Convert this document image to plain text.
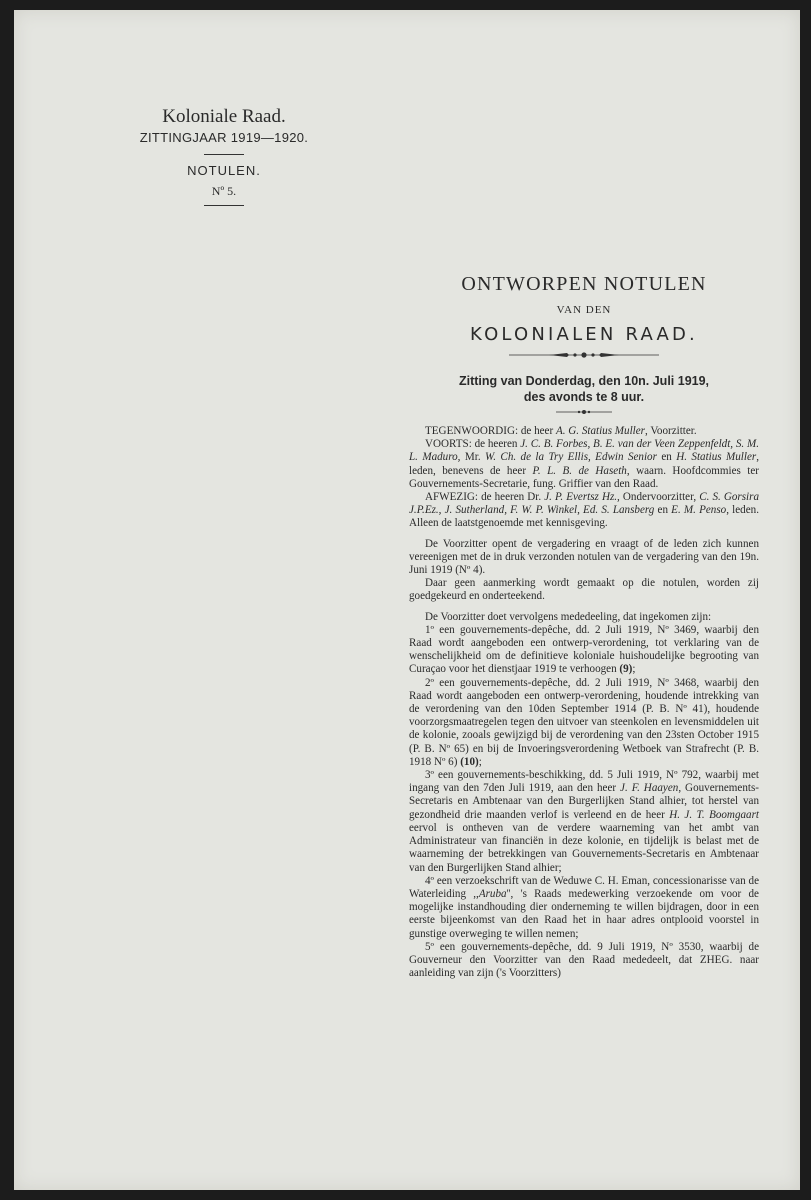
Koloniale Raad.

ZITTINGJAAR 1919—1920.

NOTULEN.

Nº 5.

ONTWORPEN NOTULEN

VAN DEN

KOLONIALEN RAAD.

Zitting van Donderdag, den 10n. Juli 1919,

des avonds te 8 uur.

TEGENWOORDIG: de heer A. G. Statius Muller, Voorzitter.

VOORTS: de heeren J. C. B. Forbes, B. E. van der Veen Zeppenfeldt, S. M. L. Maduro, Mr. W. Ch. de la Try Ellis, Edwin Senior en H. Statius Muller, leden, benevens de heer P. L. B. de Haseth, waarn. Hoofdcommies ter Gouvernements-Secretarie, fung. Griffier van den Raad.

AFWEZIG: de heeren Dr. J. P. Evertsz Hz., Ondervoorzitter, C. S. Gorsira J.P.Ez., J. Sutherland, F. W. P. Winkel, Ed. S. Lansberg en E. M. Penso, leden. Alleen de laatstgenoemde met kennisgeving.

De Voorzitter opent de vergadering en vraagt of de leden zich kunnen vereenigen met de in druk verzonden notulen van de vergadering van den 19n. Juni 1919 (Nº 4).

Daar geen aanmerking wordt gemaakt op die notulen, worden zij goedgekeurd en onderteekend.

De Voorzitter doet vervolgens mededeeling, dat ingekomen zijn:

1º een gouvernements-depêche, dd. 2 Juli 1919, Nº 3469, waarbij den Raad wordt aangeboden een ontwerp-verordening, tot verklaring van de wenschelijkheid om de definitieve koloniale huishoudelijke begrooting van Curaçao voor het dienstjaar 1919 te verhoogen (9);

2º een gouvernements-depêche, dd. 2 Juli 1919, Nº 3468, waarbij den Raad wordt aangeboden een ontwerp-verordening, houdende intrekking van de verordening van den 10den September 1914 (P. B. Nº 41), houdende voorzorgsmaatregelen tegen den uitvoer van steenkolen en levensmiddelen uit de kolonie, zooals gewijzigd bij de verordening van den 23sten October 1915 (P. B. Nº 65) en bij de Invoeringsverordening Wetboek van Strafrecht (P. B. 1918 Nº 6) (10);

3º een gouvernements-beschikking, dd. 5 Juli 1919, Nº 792, waarbij met ingang van den 7den Juli 1919, aan den heer J. F. Haayen, Gouvernements-Secretaris en Ambtenaar van den Burgerlijken Stand alhier, tot herstel van gezondheid drie maanden verlof is verleend en de heer H. J. T. Boomgaart eervol is ontheven van de verdere waarneming van het ambt van Administrateur van financiën in deze kolonie, en tijdelijk is belast met de waarneming der betrekkingen van Gouvernements-Secretaris en Ambtenaar van den Burgerlijken Stand alhier;

4º een verzoekschrift van de Weduwe C. H. Eman, concessionarisse van de Waterleiding ,,Aruba'', 's Raads medewerking verzoekende om voor de mogelijke instandhouding dier onderneming te willen bijdragen, door in een eerste bijeenkomst van den Raad het in haar adres ontplooid voorstel in gunstige overweging te willen nemen;

5º een gouvernements-depêche, dd. 9 Juli 1919, Nº 3530, waarbij de Gouverneur den Voorzitter van den Raad mededeelt, dat ZHEG. naar aanleiding van zijn ('s Voorzitters)
